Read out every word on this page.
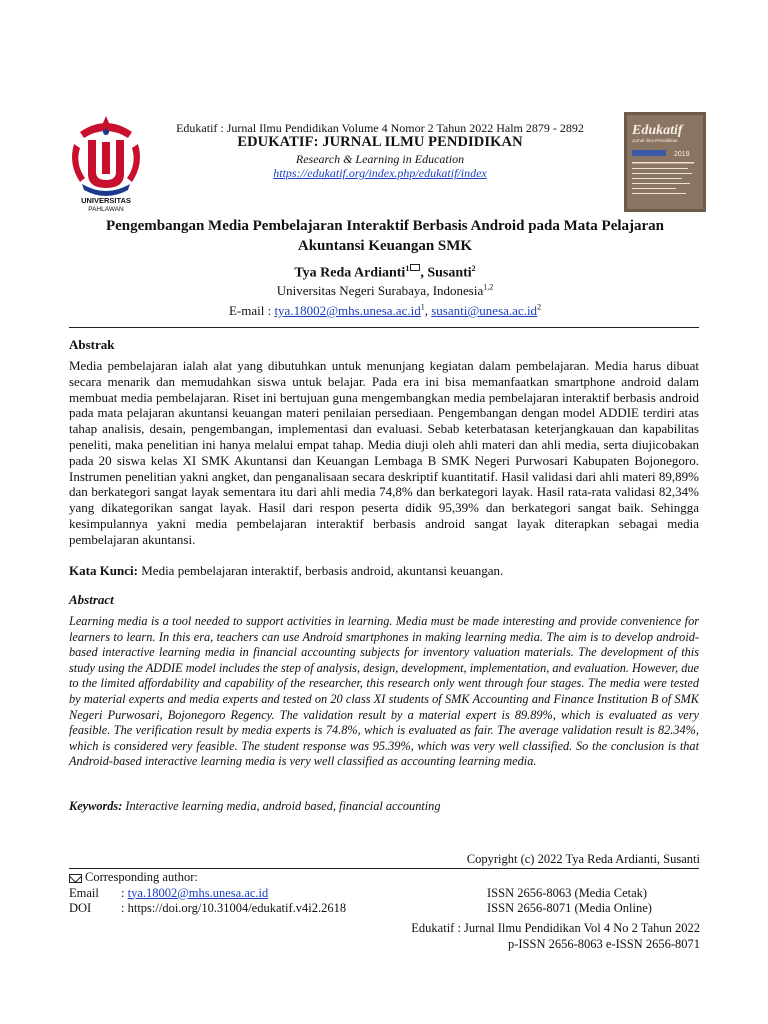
UNIVERSITAS
PAHLAWAN
Edukatif : Jurnal Ilmu Pendidikan Volume 4 Nomor 2 Tahun 2022 Halm 2879 - 2892
EDUKATIF: JURNAL ILMU PENDIDIKAN
Research & Learning in Education
https://edukatif.org/index.php/edukatif/index
Edukatif
Jurnal Ilmu Pendidikan
2019
Pengembangan Media Pembelajaran Interaktif Berbasis Android pada Mata Pelajaran
Akuntansi Keuangan SMK
Tya Reda Ardianti$^1$ , Susanti$^2$
Universitas Negeri Surabaya, Indonesia$^{1,2}$
E-mail : $tya.18002@mhs.unesa.ac.id^1$, $susanti@unesa.ac.id^2$
Abstrak
Media pembelajaran ialah alat yang dibutuhkan untuk menunjang kegiatan dalam pembelajaran. Media harus dibuat secara menarik dan memudahkan siswa untuk belajar. Pada era ini bisa memanfaatkan smartphone android dalam membuat media pembelajaran. Riset ini bertujuan guna mengembangkan media pembelajaran interaktif berbasis android pada mata pelajaran akuntansi keuangan materi penilaian persediaan. Pengembangan dengan model ADDIE terdiri atas tahap analisis, desain, pengembangan, implementasi dan evaluasi. Sebab keterbatasan keterjangkauan dan kapabilitas peneliti, maka penelitian ini hanya melalui empat tahap. Media diuji oleh ahli materi dan ahli media, serta diujicobakan pada 20 siswa kelas XI SMK Akuntansi dan Keuangan Lembaga B SMK Negeri Purwosari Kabupaten Bojonegoro. Instrumen penelitian yakni angket, dan penganalisaan secara deskriptif kuantitatif. Hasil validasi dari ahli materi 89,89% dan berkategori sangat layak sementara itu dari ahli media 74,8% dan berkategori layak. Hasil rata-rata validasi 82,34% yang dikategorikan sangat layak. Hasil dari respon peserta didik 95,39% dan berkategori sangat baik. Sehingga kesimpulannya yakni media pembelajaran interaktif berbasis android sangat layak diterapkan sebagai media pembelajaran akuntansi.
Kata Kunci: Media pembelajaran interaktif, berbasis android, akuntansi keuangan.
Abstract
Learning media is a tool needed to support activities in learning. Media must be made interesting and provide convenience for learners to learn. In this era, teachers can use Android smartphones in making learning media. The aim is to develop android-based interactive learning media in financial accounting subjects for inventory valuation materials. The development of this study using the ADDIE model includes the step of analysis, design, development, implementation, and evaluation. However, due to the limited affordability and capability of the researcher, this research only went through four stages. The media were tested by material experts and media experts and tested on 20 class XI students of SMK Accounting and Finance Institution B of SMK Negeri Purwosari, Bojonegoro Regency. The validation result by a material expert is 89.89%, which is evaluated as very feasible. The verification result by media experts is 74.8%, which is evaluated as fair. The average validation result is 82.34%, which is considered very feasible. The student response was 95.39%, which was very well classified. So the conclusion is that Android-based interactive learning media is very well classified as accounting learning media.
Keywords: Interactive learning media, android based, financial accounting
Copyright (c) 2022 Tya Reda Ardianti, Susanti
Corresponding author:
Email : tya.18002@mhs.unesa.ac.id	ISSN 2656-8063 (Media Cetak)
DOI : https://doi.org/10.31004/edukatif.v4i2.2618	ISSN 2656-8071 (Media Online)
Edukatif : Jurnal Ilmu Pendidikan Vol 4 No 2 Tahun 2022
p-ISSN 2656-8063 e-ISSN 2656-8071
